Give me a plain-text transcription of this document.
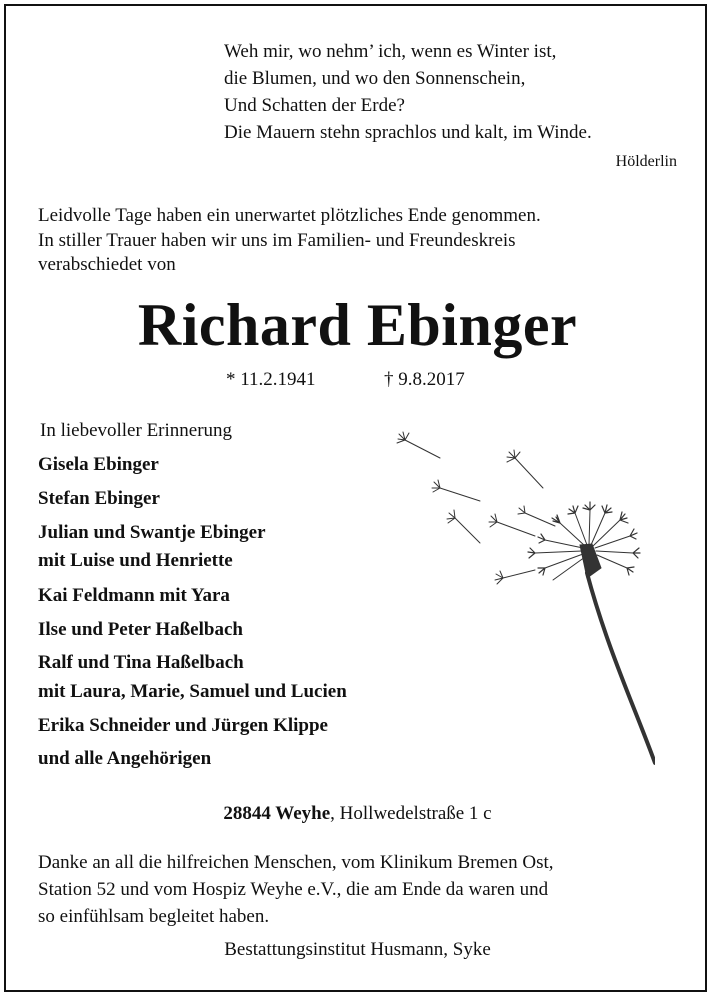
Weh mir, wo nehm’ ich, wenn es Winter ist,
die Blumen, und wo den Sonnenschein,
Und Schatten der Erde?
Die Mauern stehn sprachlos und kalt, im Winde.
Hölderlin
Leidvolle Tage haben ein unerwartet plötzliches Ende genommen.
In stiller Trauer haben wir uns im Familien- und Freundeskreis
verabschiedet von
Richard Ebinger
* 11.2.1941	† 9.8.2017
In liebevoller Erinnerung
Gisela Ebinger
Stefan Ebinger
Julian und Swantje Ebinger
mit Luise und Henriette
Kai Feldmann mit Yara
Ilse und Peter Haßelbach
Ralf und Tina Haßelbach
mit Laura, Marie, Samuel und Lucien
Erika Schneider und Jürgen Klippe
und alle Angehörigen
28844 Weyhe, Hollwedelstraße 1 c
Danke an all die hilfreichen Menschen, vom Klinikum Bremen Ost,
Station 52 und vom Hospiz Weyhe e.V., die am Ende da waren und
so einfühlsam begleitet haben.
Bestattungsinstitut Husmann, Syke
